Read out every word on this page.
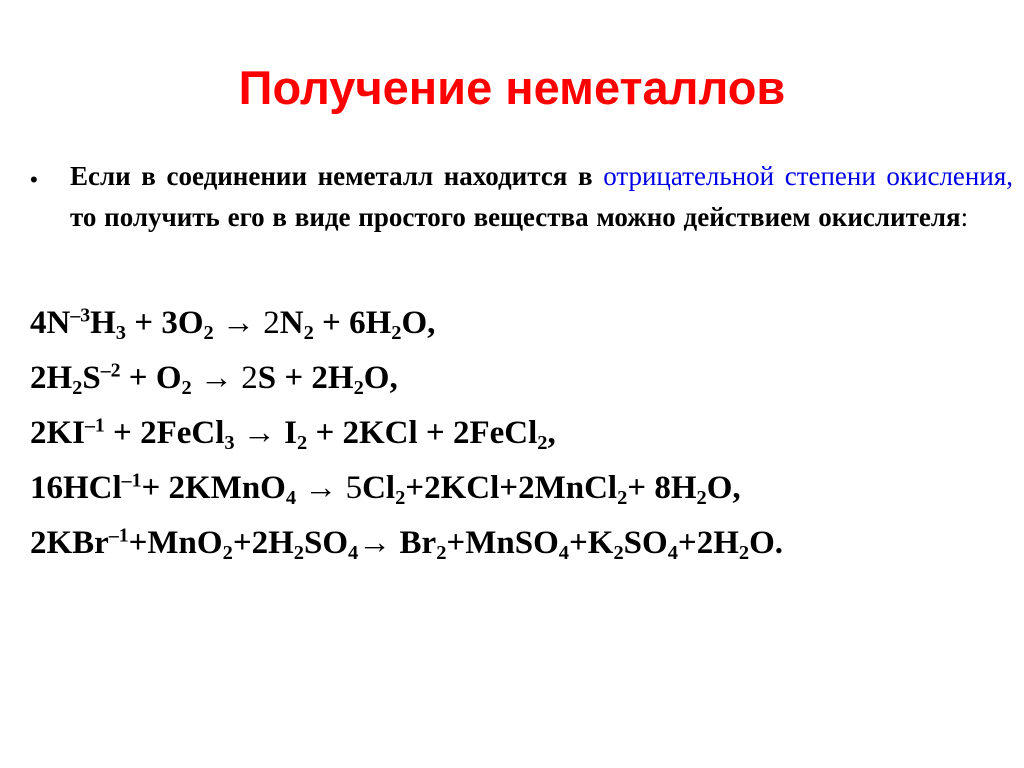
Получение неметаллов
• Если в соединении неметалл находится в отрицательной степени окисления, то получить его в виде простого вещества можно действием окислителя:
$4N^{-3}H_3 + 3O_2 \to 2N_2 + 6H_2O$,
$2H_2S^{-2} + O_2 \to 2S + 2H_2O$,
$2KI^{-1}$ + 2FeCl$_3$ → $I_2 + 2KCl$ + 2FeCl$_2$,
16HCl$^{-1}$+ 2KMnO$_4$ → $5Cl_2+2KCl+2MnCl_2+ 8H_2O$,
$2KBr^{-1}+MnO_2+2H_2SO_4\to$ $Br_2+MnSO_4+K_2SO_4+2H_2O$.
